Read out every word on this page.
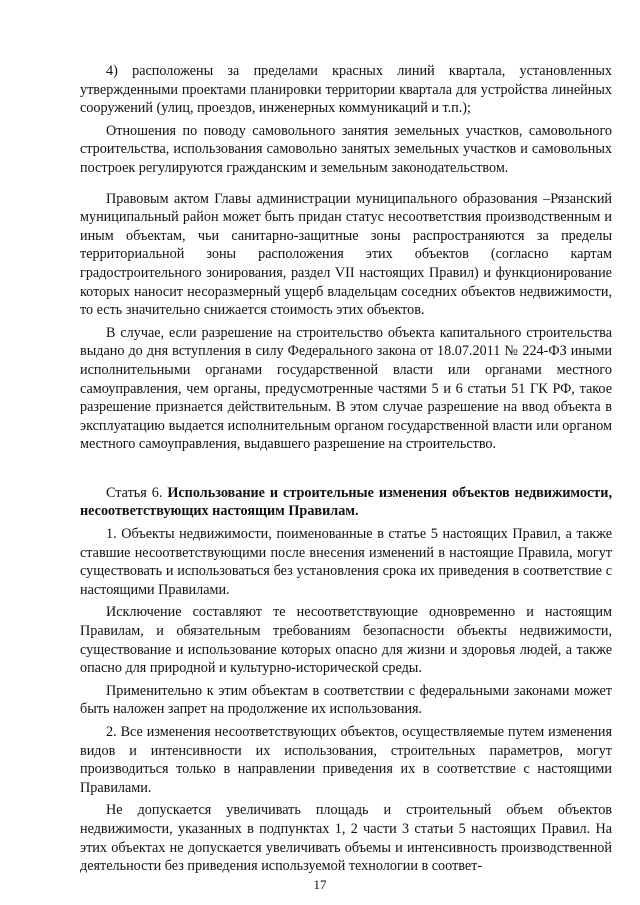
4) расположены за пределами красных линий квартала, установленных утвержденными проектами планировки территории квартала для устройства линейных сооружений (улиц, проездов, инженерных коммуникаций и т.п.);

Отношения по поводу самовольного занятия земельных участков, самовольного строительства, использования самовольно занятых земельных участков и самовольных построек регулируются гражданским и земельным законодательством.

Правовым актом Главы администрации муниципального образования –Рязанский муниципальный район может быть придан статус несоответствия производственным и иным объектам, чьи санитарно-защитные зоны распространяются за пределы территориальной зоны расположения этих объектов (согласно картам градостроительного зонирования, раздел VII настоящих Правил) и функционирование которых наносит несоразмерный ущерб владельцам соседних объектов недвижимости, то есть значительно снижается стоимость этих объектов.

В случае, если разрешение на строительство объекта капитального строительства выдано до дня вступления в силу Федерального закона от 18.07.2011 № 224-ФЗ иными исполнительными органами государственной власти или органами местного самоуправления, чем органы, предусмотренные частями 5 и 6 статьи 51 ГК РФ, такое разрешение признается действительным. В этом случае разрешение на ввод объекта в эксплуатацию выдается исполнительным органом государственной власти или органом местного самоуправления, выдавшего разрешение на строительство.

Статья 6. Использование и строительные изменения объектов недвижимости, несоответствующих настоящим Правилам.

1. Объекты недвижимости, поименованные в статье 5 настоящих Правил, а также ставшие несоответствующими после внесения изменений в настоящие Правила, могут существовать и использоваться без установления срока их приведения в соответствие с настоящими Правилами.

Исключение составляют те несоответствующие одновременно и настоящим Правилам, и обязательным требованиям безопасности объекты недвижимости, существование и использование которых опасно для жизни и здоровья людей, а также опасно для природной и культурно-исторической среды.

Применительно к этим объектам в соответствии с федеральными законами может быть наложен запрет на продолжение их использования.

2. Все изменения несоответствующих объектов, осуществляемые путем изменения видов и интенсивности их использования, строительных параметров, могут производиться только в направлении приведения их в соответствие с настоящими Правилами.

Не допускается увеличивать площадь и строительный объем объектов недвижимости, указанных в подпунктах 1, 2 части 3 статьи 5 настоящих Правил. На этих объектах не допускается увеличивать объемы и интенсивность производственной деятельности без приведения используемой технологии в соответ-

17
